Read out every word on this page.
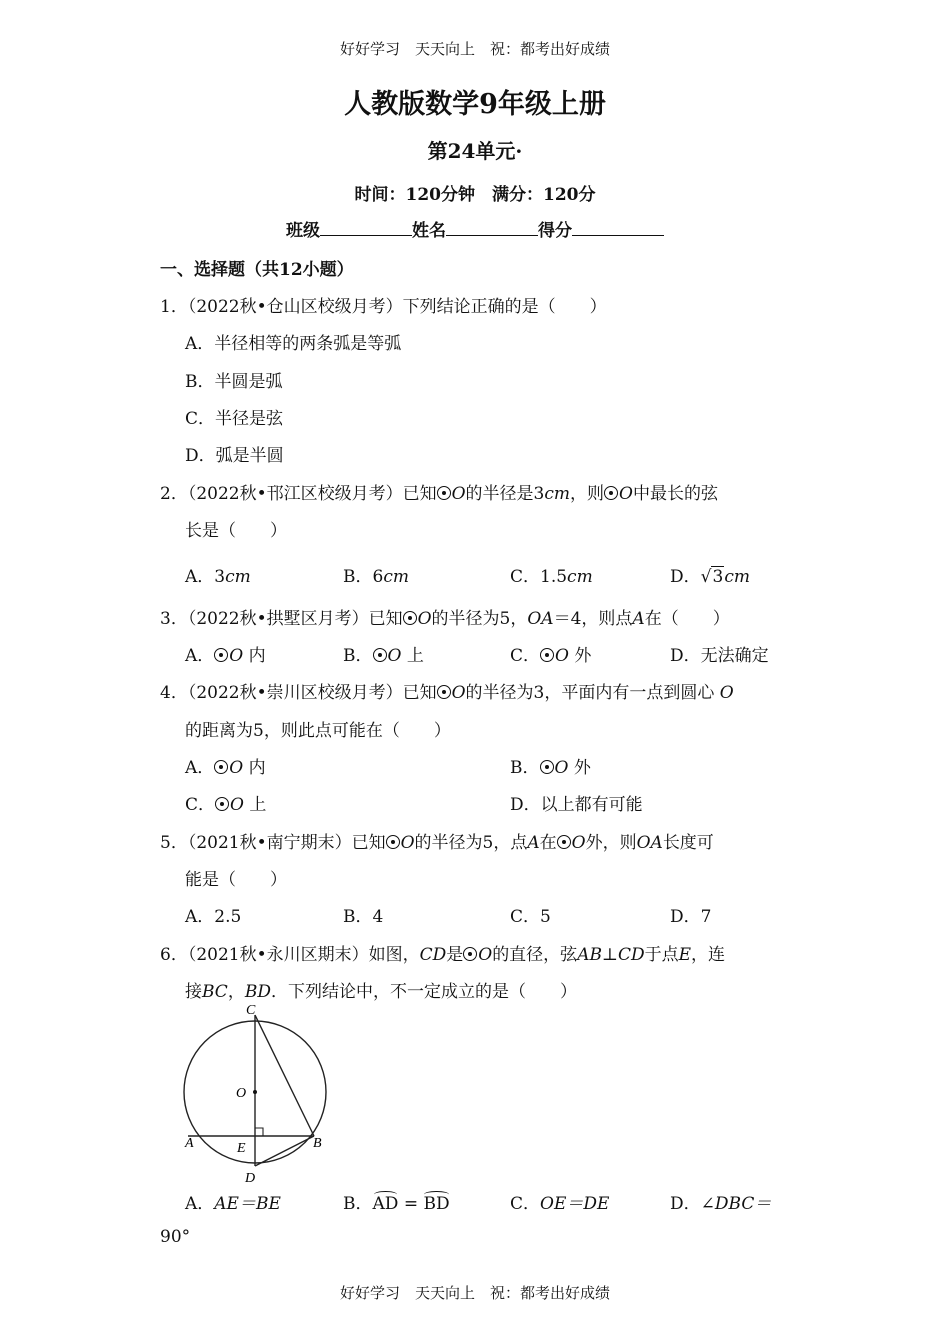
好好学习　天天向上　祝：都考出好成绩
人教版数学9年级上册
第24单元·
时间：120分钟　满分：120分
班级	姓名	得分
一、选择题（共12小题）
1．（2022秋•仓山区校级月考）下列结论正确的是（　　）
A．半径相等的两条弧是等弧
B．半圆是弧
C．半径是弦
D．弧是半圆
2．（2022秋•邗江区校级月考）已知 O的半径是3cm，则 O中最长的弦
长是（　　）
A．3cm	B．6cm	C．1.5cm	D．√3cm
3．（2022秋•拱墅区月考）已知 O的半径为5，OA＝4，则点A在（　　）
A． O 内	B． O 上	C． O 外	D．无法确定
4．（2022秋•崇川区校级月考）已知 O的半径为3，平面内有一点到圆心 O
的距离为5，则此点可能在（　　）
A． O 内	B． O 外
C． O 上	D．以上都有可能
5．（2021秋•南宁期末）已知 O的半径为5，点A在 O外，则OA长度可
能是（　　）
A．2.5	B．4	C．5	D．7
6．（2021秋•永川区期末）如图，CD是 O的直径，弦AB⊥CD于点E，连
接BC，BD．下列结论中，不一定成立的是（　　）
C
O
A	E	B
D
A．AE＝BE	B．AD = BD	C．OE＝DE	D．∠DBC＝
90°
好好学习　天天向上　祝：都考出好成绩
